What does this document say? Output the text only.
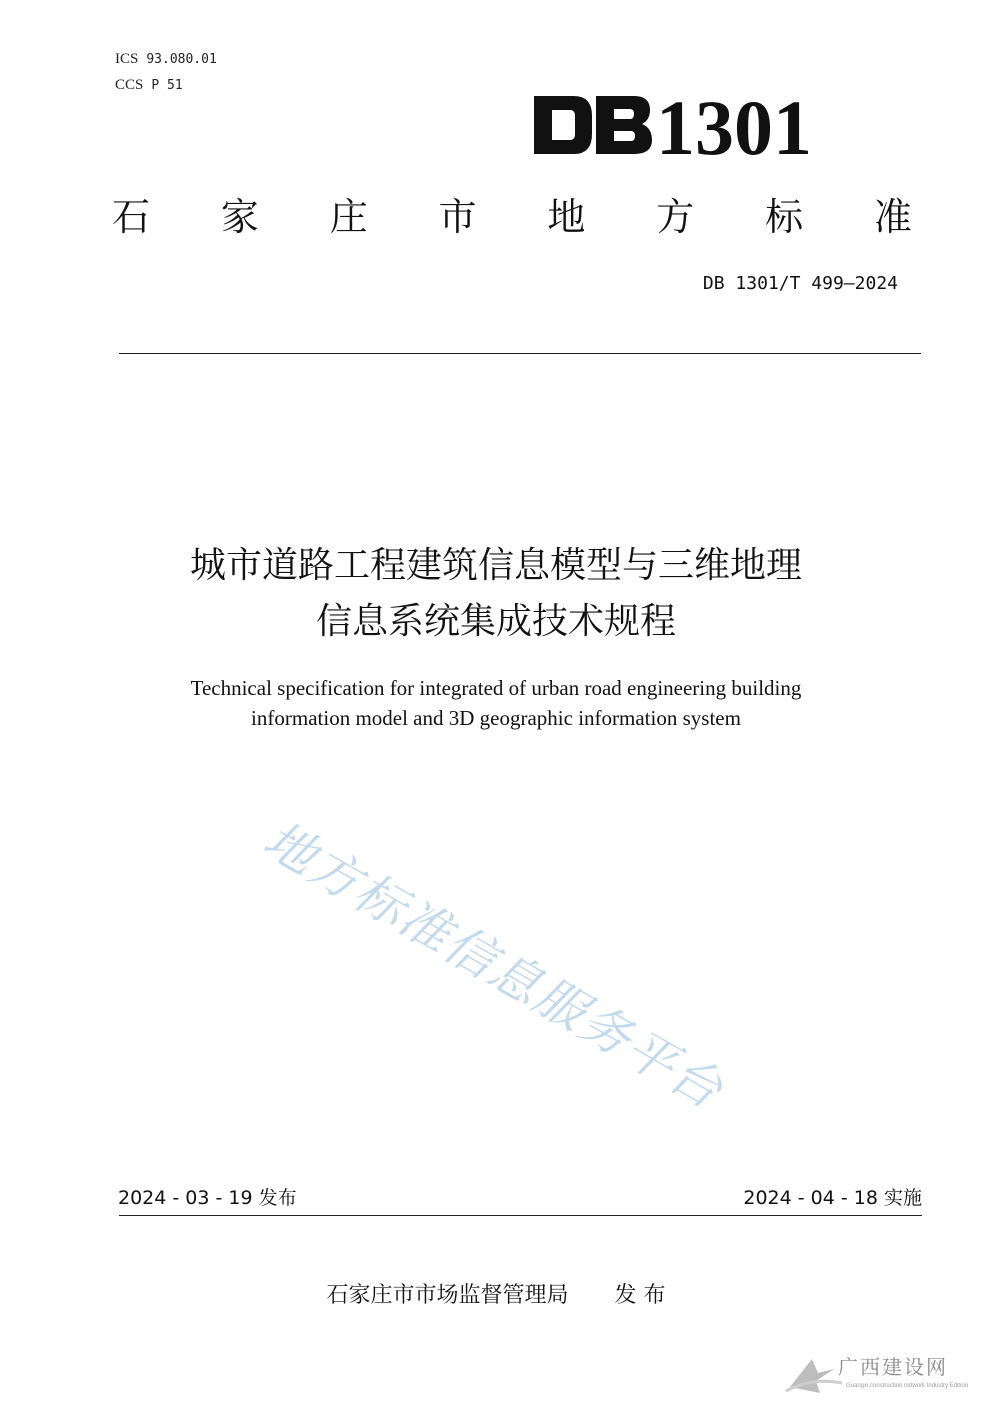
ICS 93.080.01
CCS P 51	1301
石 家 庄 市 地 方 标 准
DB 1301/T 499—2024
城市道路工程建筑信息模型与三维地理
信息系统集成技术规程
Technical specification for integrated of urban road engineering building
information model and 3D geographic information system
地方标准信息服务平台
2024 - 03 - 19 发布	2024 - 04 - 18 实施
石家庄市市场监督管理局 发 布
广西建设网
Guangxi construction network Industry Edition
